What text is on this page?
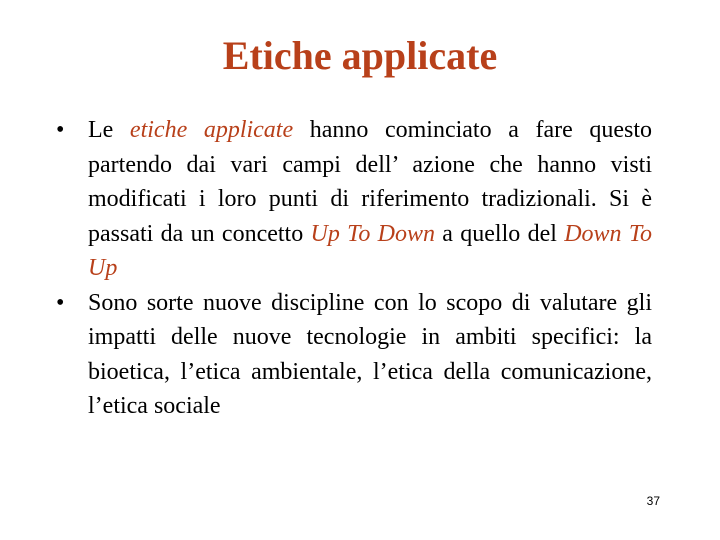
Etiche applicate
• Le etiche applicate hanno cominciato a fare questo partendo dai vari campi dell’ azione che hanno visti modificati i loro punti di riferimento tradizionali. Si è passati da un concetto Up To Down a quello del Down To Up
• Sono sorte nuove discipline con lo scopo di valutare gli impatti delle nuove tecnologie in ambiti specifici: la bioetica, l’etica ambientale, l’etica della comunicazione, l’etica sociale
37
